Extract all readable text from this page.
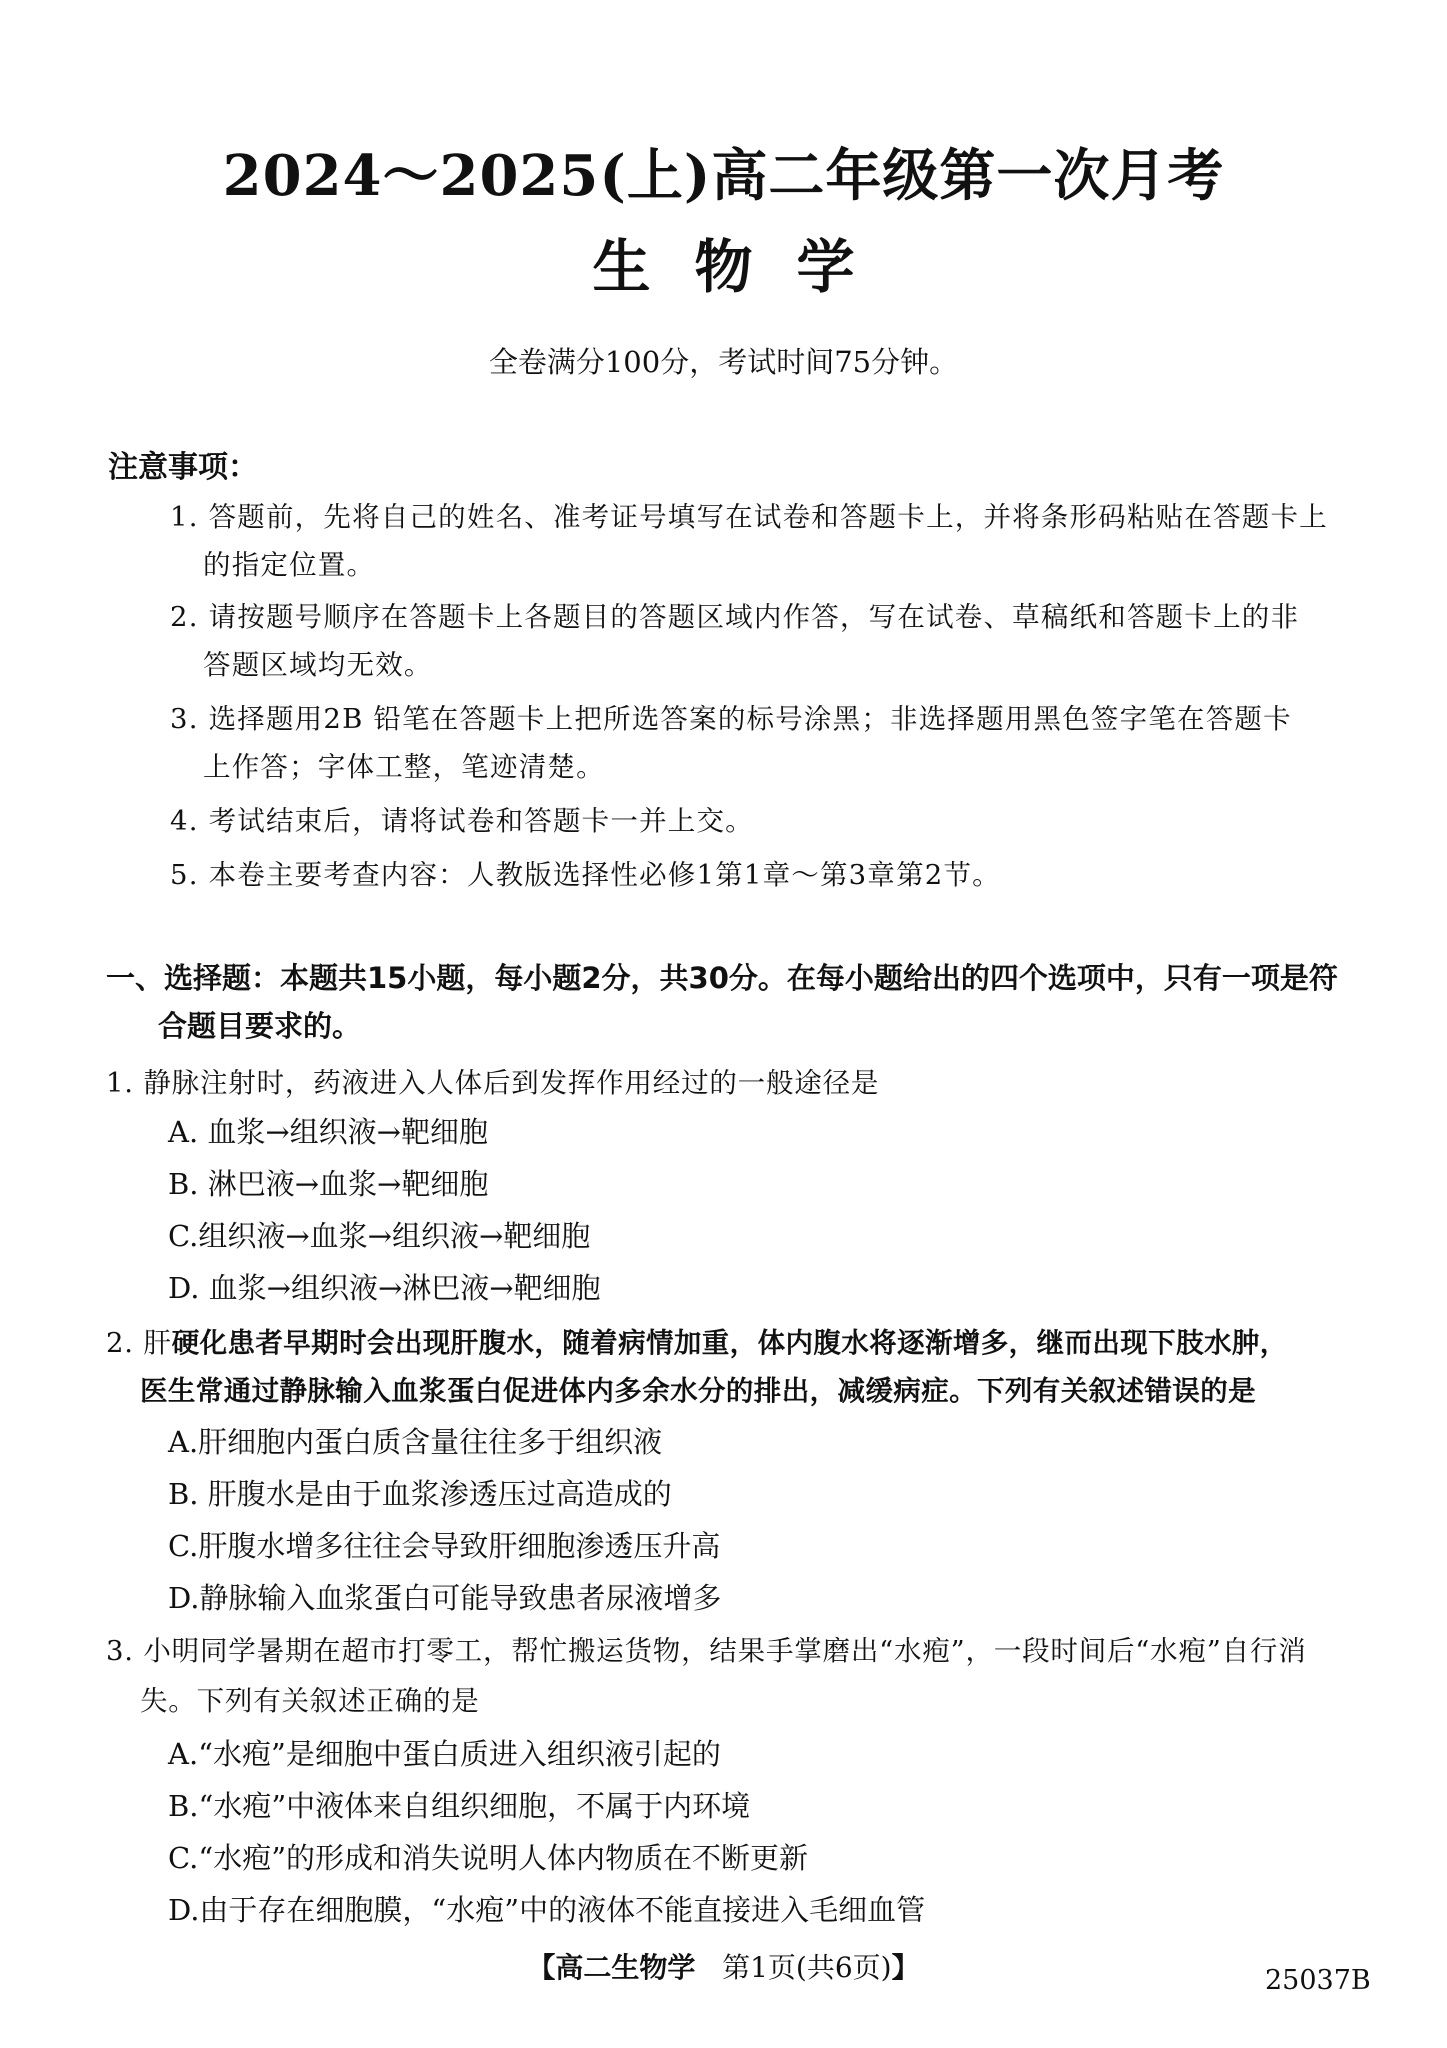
2024～2025(上)高二年级第一次月考
生物学
全卷满分100分，考试时间75分钟。
注意事项：
1. 答题前，先将自己的姓名、准考证号填写在试卷和答题卡上，并将条形码粘贴在答题卡上
的指定位置。
2. 请按题号顺序在答题卡上各题目的答题区域内作答，写在试卷、草稿纸和答题卡上的非
答题区域均无效。
3. 选择题用2B 铅笔在答题卡上把所选答案的标号涂黑；非选择题用黑色签字笔在答题卡
上作答；字体工整，笔迹清楚。
4. 考试结束后，请将试卷和答题卡一并上交。
5. 本卷主要考查内容：人教版选择性必修1第1章～第3章第2节。
一、选择题：本题共15小题，每小题2分，共30分。在每小题给出的四个选项中，只有一项是符
合题目要求的。
1. 静脉注射时，药液进入人体后到发挥作用经过的一般途径是
A. 血浆→组织液→靶细胞
B. 淋巴液→血浆→靶细胞
C.组织液→血浆→组织液→靶细胞
D. 血浆→组织液→淋巴液→靶细胞
2. 肝硬化患者早期时会出现肝腹水，随着病情加重，体内腹水将逐渐增多，继而出现下肢水肿，
医生常通过静脉输入血浆蛋白促进体内多余水分的排出，减缓病症。下列有关叙述错误的是
A.肝细胞内蛋白质含量往往多于组织液
B. 肝腹水是由于血浆渗透压过高造成的
C.肝腹水增多往往会导致肝细胞渗透压升高
D.静脉输入血浆蛋白可能导致患者尿液增多
3. 小明同学暑期在超市打零工，帮忙搬运货物，结果手掌磨出“水疱”，一段时间后“水疱”自行消
失。下列有关叙述正确的是
A.“水疱”是细胞中蛋白质进入组织液引起的
B.“水疱”中液体来自组织细胞，不属于内环境
C.“水疱”的形成和消失说明人体内物质在不断更新
D.由于存在细胞膜，“水疱”中的液体不能直接进入毛细血管
【高二生物学 第1页(共6页)】	25037B
